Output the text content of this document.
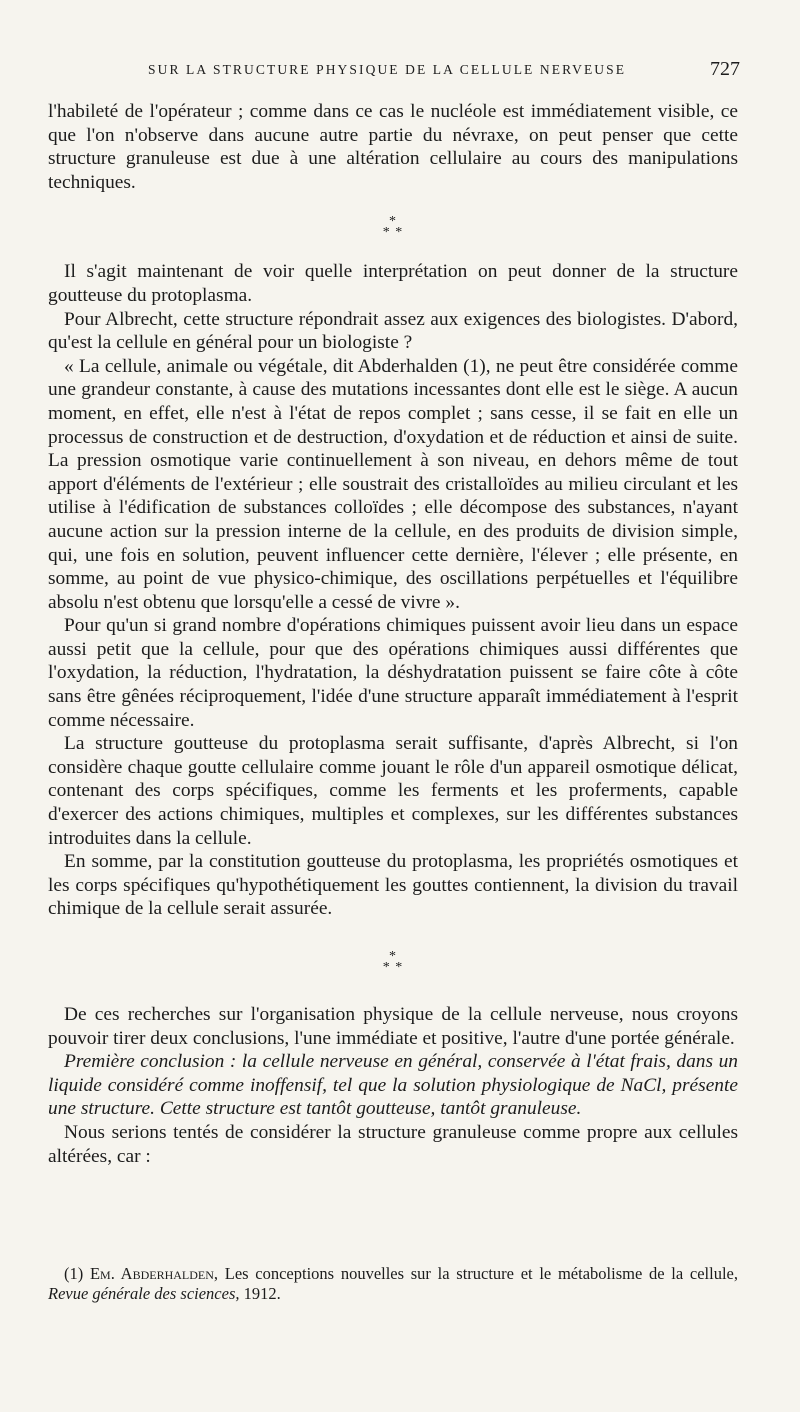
SUR LA STRUCTURE PHYSIQUE DE LA CELLULE NERVEUSE	727

l'habileté de l'opérateur ; comme dans ce cas le nucléole est immédiatement visible, ce que l'on n'observe dans aucune autre partie du névraxe, on peut penser que cette structure granuleuse est due à une altération cellulaire au cours des manipulations techniques.

*
* *

Il s'agit maintenant de voir quelle interprétation on peut donner de la structure goutteuse du protoplasma.

Pour Albrecht, cette structure répondrait assez aux exigences des biologistes. D'abord, qu'est la cellule en général pour un biologiste ?

« La cellule, animale ou végétale, dit Abderhalden (1), ne peut être considérée comme une grandeur constante, à cause des mutations incessantes dont elle est le siège. A aucun moment, en effet, elle n'est à l'état de repos complet ; sans cesse, il se fait en elle un processus de construction et de destruction, d'oxydation et de réduction et ainsi de suite. La pression osmotique varie continuellement à son niveau, en dehors même de tout apport d'éléments de l'extérieur ; elle soustrait des cristalloïdes au milieu circulant et les utilise à l'édification de substances colloïdes ; elle décompose des substances, n'ayant aucune action sur la pression interne de la cellule, en des produits de division simple, qui, une fois en solution, peuvent influencer cette dernière, l'élever ; elle présente, en somme, au point de vue physico-chimique, des oscillations perpétuelles et l'équilibre absolu n'est obtenu que lorsqu'elle a cessé de vivre ».

Pour qu'un si grand nombre d'opérations chimiques puissent avoir lieu dans un espace aussi petit que la cellule, pour que des opérations chimiques aussi différentes que l'oxydation, la réduction, l'hydratation, la déshydratation puissent se faire côte à côte sans être gênées réciproquement, l'idée d'une structure apparaît immédiatement à l'esprit comme nécessaire.

La structure goutteuse du protoplasma serait suffisante, d'après Albrecht, si l'on considère chaque goutte cellulaire comme jouant le rôle d'un appareil osmotique délicat, contenant des corps spécifiques, comme les ferments et les proferments, capable d'exercer des actions chimiques, multiples et complexes, sur les différentes substances introduites dans la cellule.

En somme, par la constitution goutteuse du protoplasma, les propriétés osmotiques et les corps spécifiques qu'hypothétiquement les gouttes contiennent, la division du travail chimique de la cellule serait assurée.

*
* *

De ces recherches sur l'organisation physique de la cellule nerveuse, nous croyons pouvoir tirer deux conclusions, l'une immédiate et positive, l'autre d'une portée générale.

Première conclusion : la cellule nerveuse en général, conservée à l'état frais, dans un liquide considéré comme inoffensif, tel que la solution physiologique de NaCl, présente une structure. Cette structure est tantôt goutteuse, tantôt granuleuse.

Nous serions tentés de considérer la structure granuleuse comme propre aux cellules altérées, car :

(1) Em. Abderhalden, Les conceptions nouvelles sur la structure et le métabolisme de la cellule, Revue générale des sciences, 1912.
